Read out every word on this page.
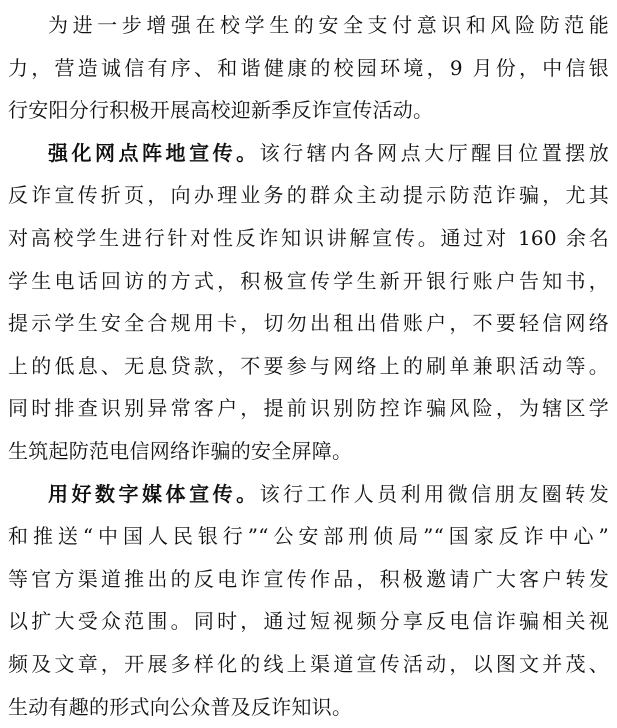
为进一步增强在校学生的安全支付意识和风险防范能
力，营造诚信有序、和谐健康的校园环境，9 月份，中信银
行安阳分行积极开展高校迎新季反诈宣传活动。
强化网点阵地宣传。该行辖内各网点大厅醒目位置摆放
反诈宣传折页，向办理业务的群众主动提示防范诈骗，尤其
对高校学生进行针对性反诈知识讲解宣传。通过对 160 余名
学生电话回访的方式，积极宣传学生新开银行账户告知书，
提示学生安全合规用卡，切勿出租出借账户，不要轻信网络
上的低息、无息贷款，不要参与网络上的刷单兼职活动等。
同时排查识别异常客户，提前识别防控诈骗风险，为辖区学
生筑起防范电信网络诈骗的安全屏障。
用好数字媒体宣传。该行工作人员利用微信朋友圈转发
和推送“中国人民银行”“公安部刑侦局”“国家反诈中心”
等官方渠道推出的反电诈宣传作品，积极邀请广大客户转发
以扩大受众范围。同时，通过短视频分享反电信诈骗相关视
频及文章，开展多样化的线上渠道宣传活动，以图文并茂、
生动有趣的形式向公众普及反诈知识。
